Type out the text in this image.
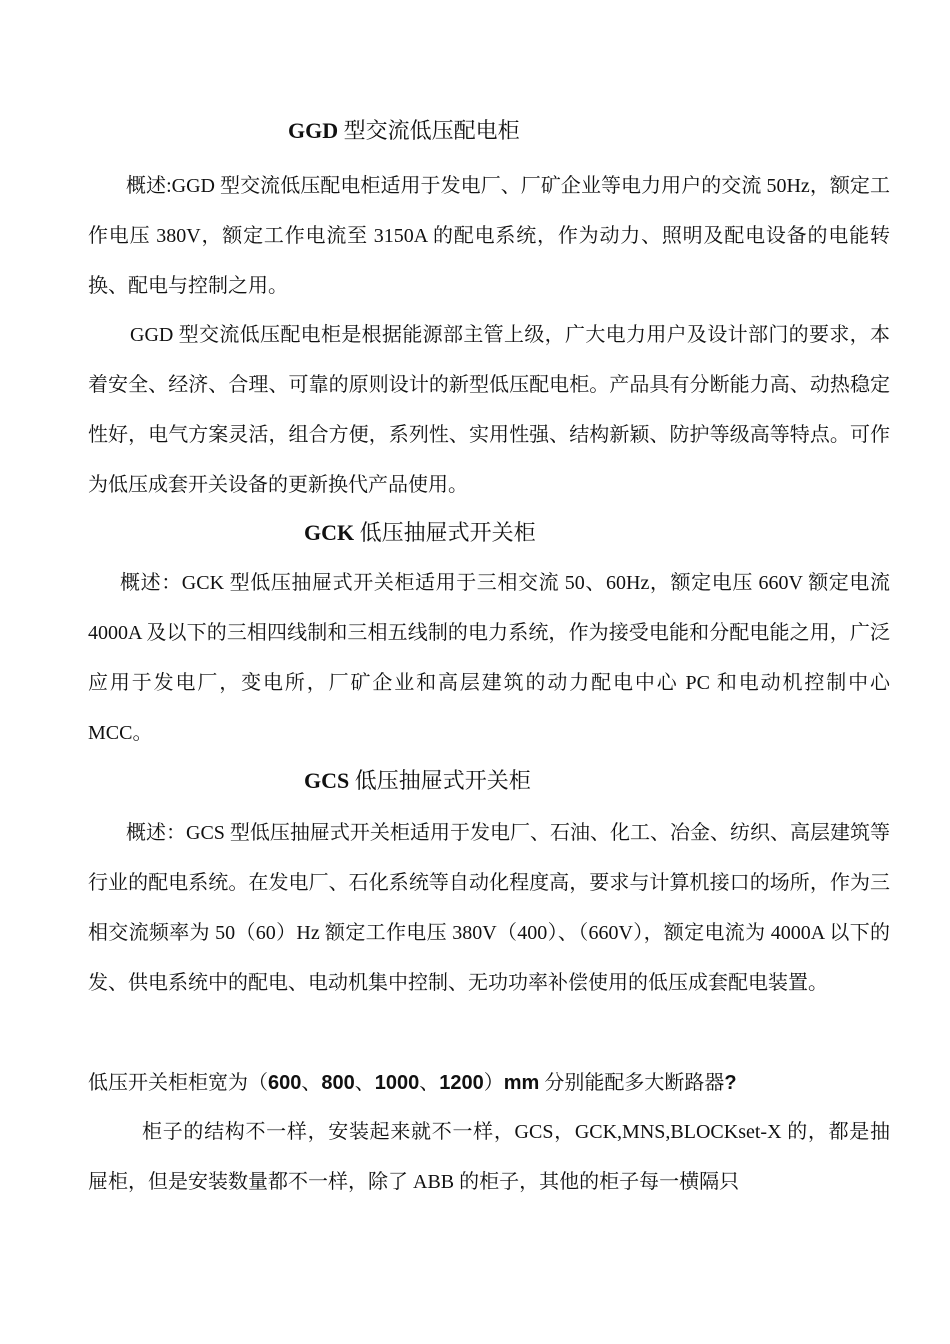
GGD 型交流低压配电柜
概述:GGD 型交流低压配电柜适用于发电厂、厂矿企业等电力用户的交流 50Hz，额定工作电压 380V，额定工作电流至 3150A 的配电系统，作为动力、照明及配电设备的电能转换、配电与控制之用。
GGD 型交流低压配电柜是根据能源部主管上级，广大电力用户及设计部门的要求，本着安全、经济、合理、可靠的原则设计的新型低压配电柜。产品具有分断能力高、动热稳定性好，电气方案灵活，组合方便，系列性、实用性强、结构新颖、防护等级高等特点。可作为低压成套开关设备的更新换代产品使用。
GCK 低压抽屉式开关柜
概述：GCK 型低压抽屉式开关柜适用于三相交流 50、60Hz，额定电压 660V 额定电流 4000A 及以下的三相四线制和三相五线制的电力系统，作为接受电能和分配电能之用，广泛应用于发电厂，变电所，厂矿企业和高层建筑的动力配电中心 PC 和电动机控制中心 MCC。
GCS 低压抽屉式开关柜
概述：GCS 型低压抽屉式开关柜适用于发电厂、石油、化工、冶金、纺织、高层建筑等行业的配电系统。在发电厂、石化系统等自动化程度高，要求与计算机接口的场所，作为三相交流频率为 50（60）Hz 额定工作电压 380V（400）、（660V），额定电流为 4000A 以下的发、供电系统中的配电、电动机集中控制、无功功率补偿使用的低压成套配电装置。
低压开关柜柜宽为（600、800、1000、1200）mm 分别能配多大断路器?
柜子的结构不一样，安装起来就不一样，GCS，GCK,MNS,BLOCKset-X 的，都是抽屉柜，但是安装数量都不一样，除了 ABB 的柜子，其他的柜子每一横隔只
